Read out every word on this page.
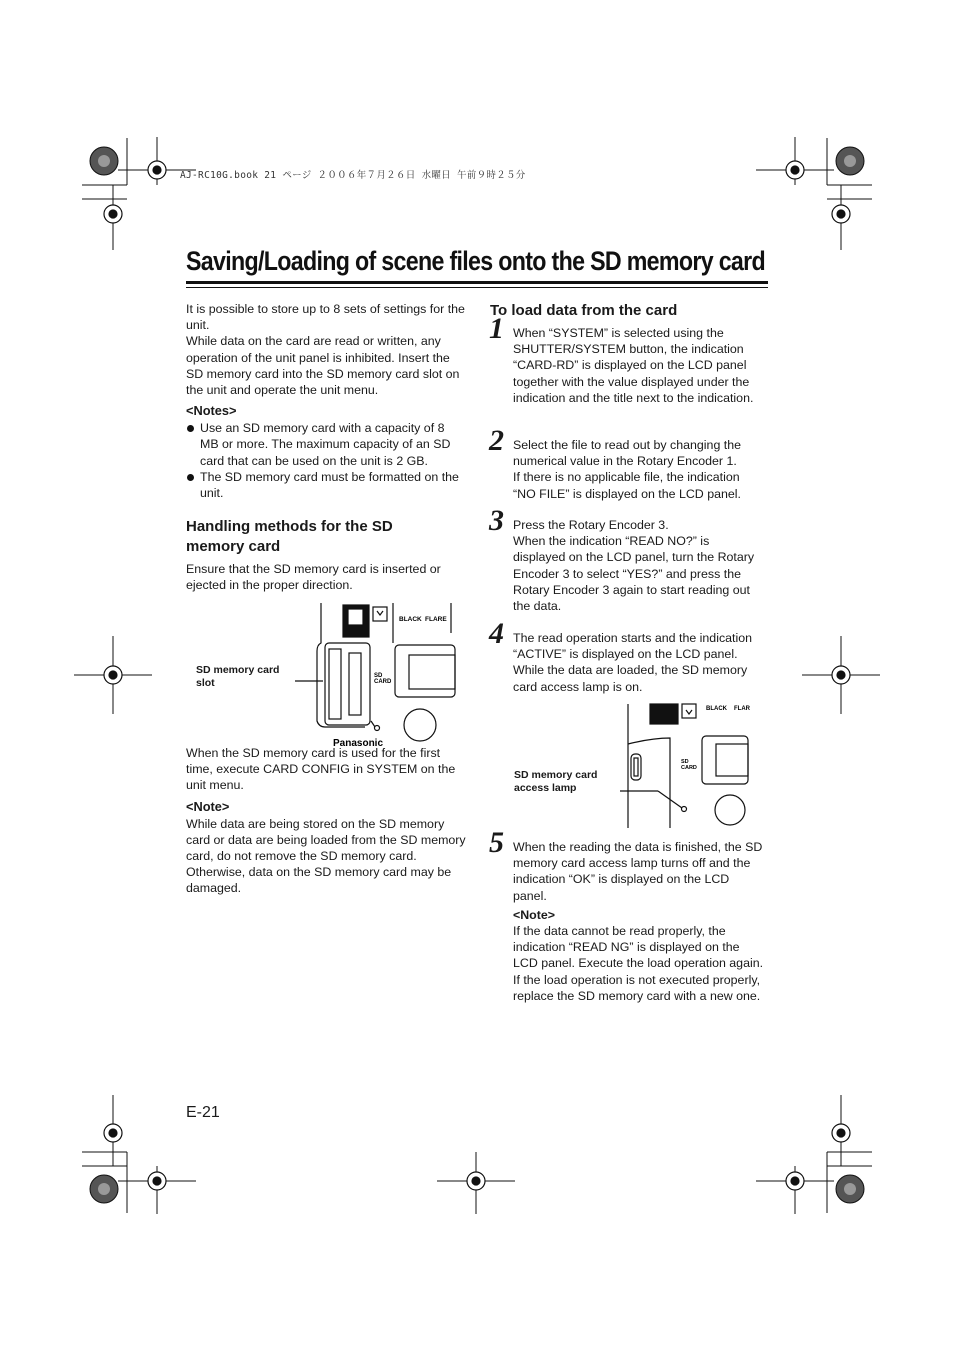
AJ-RC10G.book 21 ページ ２００６年７月２６日 水曜日 午前９時２５分
Saving/Loading of scene files onto the SD memory card

It is possible to store up to 8 sets of settings for the unit.

While data on the card are read or written, any operation of the unit panel is inhibited. Insert the SD memory card into the SD memory card slot on the unit and operate the unit menu.

<Notes>

Use an SD memory card with a capacity of 8 MB or more. The maximum capacity of an SD card that can be used on the unit is 2 GB.
The SD memory card must be formatted on the unit.

Handling methods for the SD memory card

Ensure that the SD memory card is inserted or ejected in the proper direction.

SD memory card slot
BLACK FLARE
SD
CARD
Panasonic

When the SD memory card is used for the first time, execute CARD CONFIG in SYSTEM on the unit menu.

<Note>

While data are being stored on the SD memory card or data are being loaded from the SD memory card, do not remove the SD memory card. Otherwise, data on the SD memory card may be damaged.

To load data from the card
1 When “SYSTEM” is selected using the SHUTTER/SYSTEM button, the indication “CARD-RD” is displayed on the LCD panel together with the value displayed under the indication and the title next to the indication.

2 Select the file to read out by changing the numerical value in the Rotary Encoder 1.
If there is no applicable file, the indication “NO FILE” is displayed on the LCD panel.

3 Press the Rotary Encoder 3.
When the indication “READ NO?” is displayed on the LCD panel, turn the Rotary Encoder 3 to select “YES?” and press the Rotary Encoder 3 again to start reading out the data.

4 The read operation starts and the indication “ACTIVE” is displayed on the LCD panel.
While the data are loaded, the SD memory card access lamp is on.

SD memory card access lamp
BLACK FLAR
SD
CARD
5 When the reading the data is finished, the SD memory card access lamp turns off and the indication “OK” is displayed on the LCD panel.

<Note>

If the data cannot be read properly, the indication “READ NG” is displayed on the LCD panel. Execute the load operation again. If the load operation is not executed properly, replace the SD memory card with a new one.

E-21
